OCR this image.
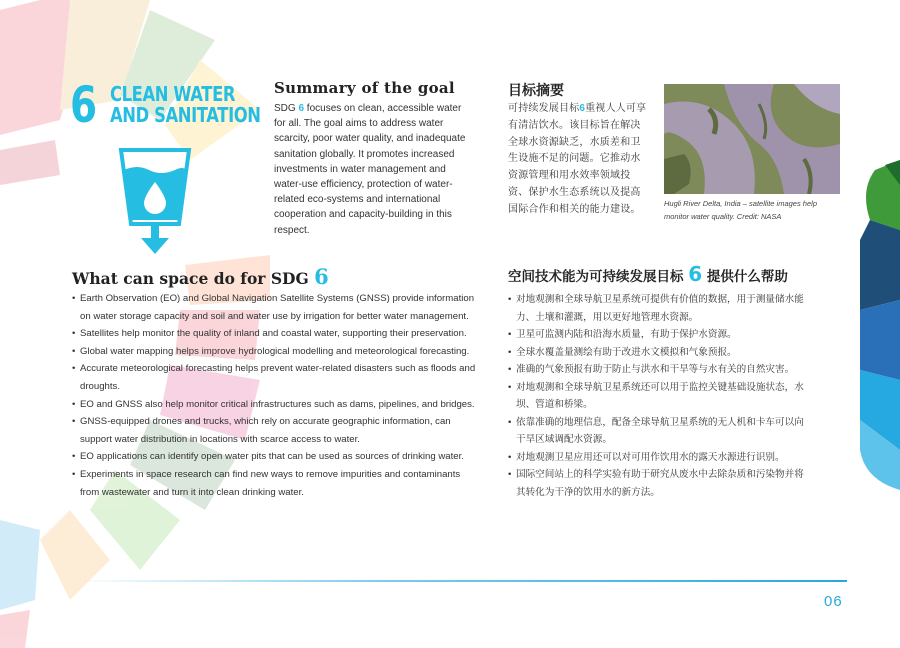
6 CLEAN WATER
AND SANITATION
Summary of the goal
SDG 6 focuses on clean, accessible water for all. The goal aims to address water scarcity, poor water quality, and inadequate sanitation globally. It promotes increased investments in water management and water-use efficiency, protection of water-related eco-systems and international cooperation and capacity-building in this respect.
目标摘要
可持续发展目标6重视人人可享有清洁饮水。该目标旨在解决全球水资源缺乏，水质差和卫生设施不足的问题。它推动水资源管理和用水效率领域投资、保护水生态系统以及提高国际合作和相关的能力建设。
Hugli River Delta, India – satellite images help monitor water quality. Credit: NASA
What can space do for SDG 6
• Earth Observation (EO) and Global Navigation Satellite Systems (GNSS) provide information on water storage capacity and soil and water use by irrigation for better water management.
• Satellites help monitor the quality of inland and coastal water, supporting their preservation.
• Global water mapping helps improve hydrological modelling and meteorological forecasting.
• Accurate meteorological forecasting helps prevent water-related disasters such as floods and droughts.
• EO and GNSS also help monitor critical infrastructures such as dams, pipelines, and bridges.
• GNSS-equipped drones and trucks, which rely on accurate geographic information, can support water distribution in locations with scarce access to water.
• EO applications can identify open water pits that can be used as sources of drinking water.
• Experiments in space research can find new ways to remove impurities and contaminants from wastewater and turn it into clean drinking water.
空间技术能为可持续发展目标 6 提供什么帮助
• 对地观测和全球导航卫星系统可提供有价值的数据，用于测量储水能力、土壤和灌溉，用以更好地管理水资源。
• 卫星可监测内陆和沿海水质量，有助于保护水资源。
• 全球水覆盖量测绘有助于改进水文模拟和气象预报。
• 准确的气象预报有助于防止与洪水和干旱等与水有关的自然灾害。
• 对地观测和全球导航卫星系统还可以用于监控关键基础设施状态，水坝、管道和桥梁。
• 依靠准确的地理信息，配备全球导航卫星系统的无人机和卡车可以向干旱区域调配水资源。
• 对地观测卫星应用还可以对可用作饮用水的露天水源进行识别。
• 国际空间站上的科学实验有助于研究从废水中去除杂质和污染物并将其转化为干净的饮用水的新方法。
06
